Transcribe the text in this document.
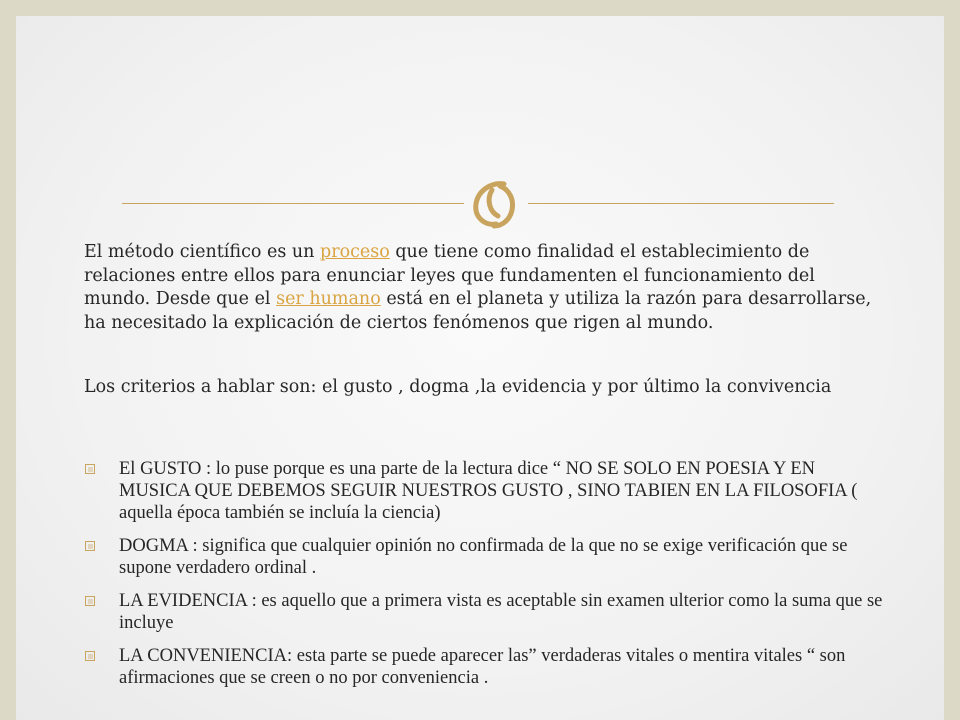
El método científico es un proceso que tiene como finalidad el establecimiento de relaciones entre ellos para enunciar leyes que fundamenten el funcionamiento del mundo. Desde que el ser humano está en el planeta y utiliza la razón para desarrollarse, ha necesitado la explicación de ciertos fenómenos que rigen al mundo.

Los criterios a hablar son: el gusto , dogma ,la evidencia y por último la convivencia

El GUSTO : lo puse porque es una parte de la lectura dice “ NO SE SOLO EN POESIA Y EN MUSICA QUE DEBEMOS SEGUIR NUESTROS GUSTO , SINO TABIEN EN LA FILOSOFIA ( aquella época también se incluía la ciencia)
DOGMA : significa que cualquier opinión no confirmada de la que no se exige verificación que se supone verdadero ordinal .
LA EVIDENCIA : es aquello que a primera vista es aceptable sin examen ulterior como la suma que se incluye
LA CONVENIENCIA: esta parte se puede aparecer las” verdaderas vitales o mentira vitales “ son afirmaciones que se creen o no por conveniencia .
